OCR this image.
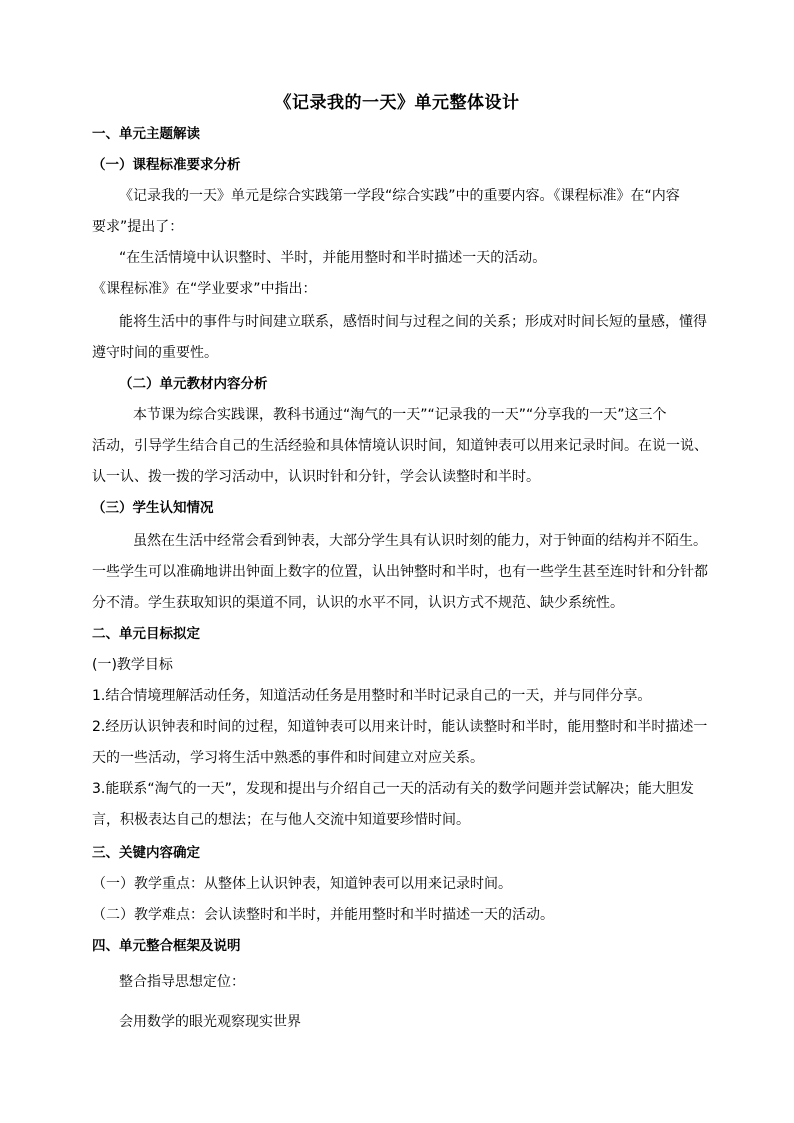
《记录我的一天》单元整体设计
一、单元主题解读
（一）课程标准要求分析
《记录我的一天》单元是综合实践第一学段“综合实践”中的重要内容。《课程标准》在“内容
要求”提出了：
“在生活情境中认识整时、半时，并能用整时和半时描述一天的活动。
《课程标准》在“学业要求”中指出：
能将生活中的事件与时间建立联系，感悟时间与过程之间的关系；形成对时间长短的量感，懂得
遵守时间的重要性。
（二）单元教材内容分析
本节课为综合实践课，教科书通过“淘气的一天”“记录我的一天”“分享我的一天”这三个
活动，引导学生结合自己的生活经验和具体情境认识时间，知道钟表可以用来记录时间。在说一说、
认一认、拨一拨的学习活动中，认识时针和分针，学会认读整时和半时。
（三）学生认知情况
虽然在生活中经常会看到钟表，大部分学生具有认识时刻的能力，对于钟面的结构并不陌生。
一些学生可以准确地讲出钟面上数字的位置，认出钟整时和半时，也有一些学生甚至连时针和分针都
分不清。学生获取知识的渠道不同，认识的水平不同，认识方式不规范、缺少系统性。
二、单元目标拟定
(一)教学目标
1.结合情境理解活动任务，知道活动任务是用整时和半时记录自己的一天，并与同伴分享。
2.经历认识钟表和时间的过程，知道钟表可以用来计时，能认读整时和半时，能用整时和半时描述一
天的一些活动，学习将生活中熟悉的事件和时间建立对应关系。
3.能联系“淘气的一天”，发现和提出与介绍自己一天的活动有关的数学问题并尝试解决；能大胆发
言，积极表达自己的想法；在与他人交流中知道要珍惜时间。
三、关键内容确定
（一）教学重点：从整体上认识钟表，知道钟表可以用来记录时间。
（二）教学难点：会认读整时和半时，并能用整时和半时描述一天的活动。
四、单元整合框架及说明
整合指导思想定位：
会用数学的眼光观察现实世界
